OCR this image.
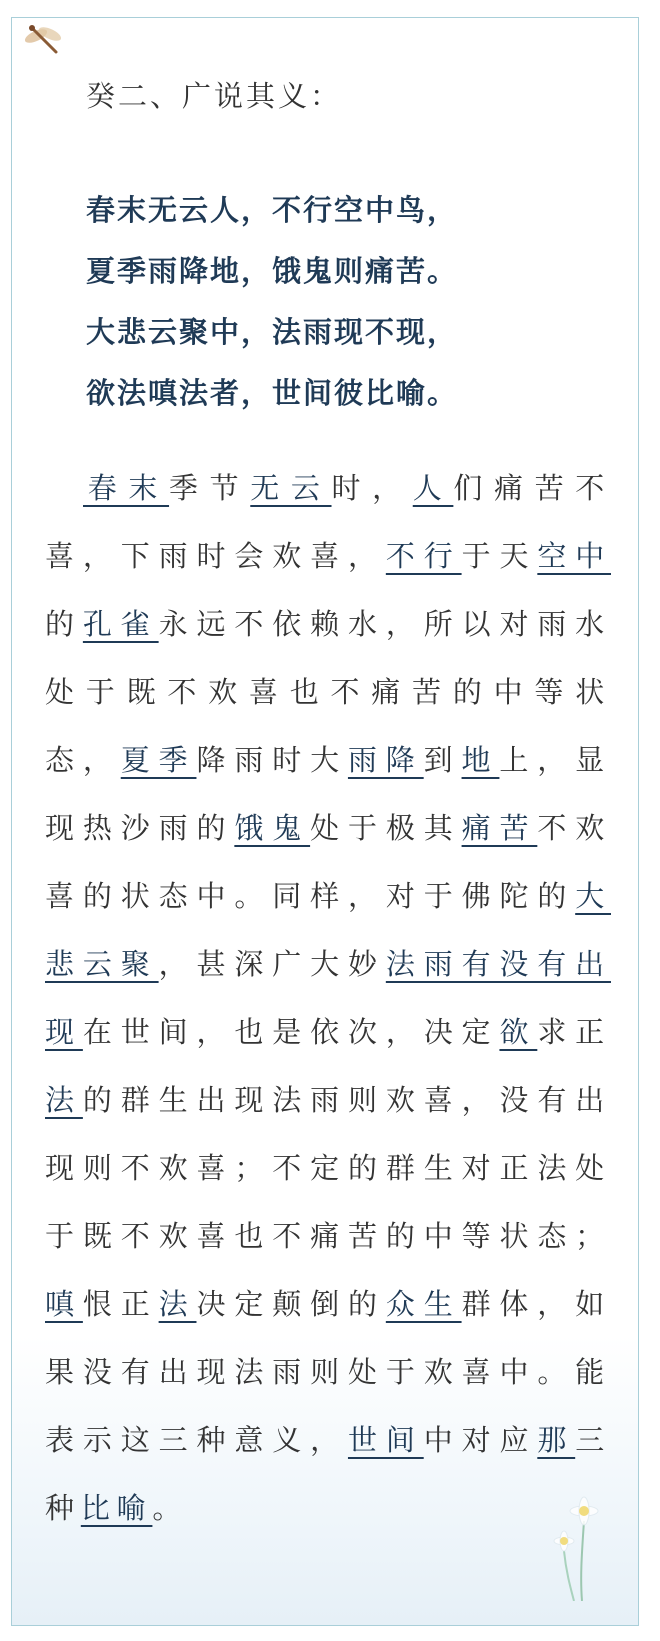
癸二、广说其义：
春末无云人，不行空中鸟，
夏季雨降地，饿鬼则痛苦。
大悲云聚中，法雨现不现，
欲法嗔法者，世间彼比喻。
春末季节无云时，人们痛苦不喜，下雨时会欢喜，不行于天空中的孔雀永远不依赖水，所以对雨水处于既不欢喜也不痛苦的中等状态，夏季降雨时大雨降到地上，显现热沙雨的饿鬼处于极其痛苦不欢喜的状态中。同样，对于佛陀的大悲云聚，甚深广大妙法雨有没有出现在世间，也是依次，决定欲求正法的群生出现法雨则欢喜，没有出现则不欢喜；不定的群生对正法处于既不欢喜也不痛苦的中等状态；嗔恨正法决定颠倒的众生群体，如果没有出现法雨则处于欢喜中。能表示这三种意义，世间中对应那三种比喻。
